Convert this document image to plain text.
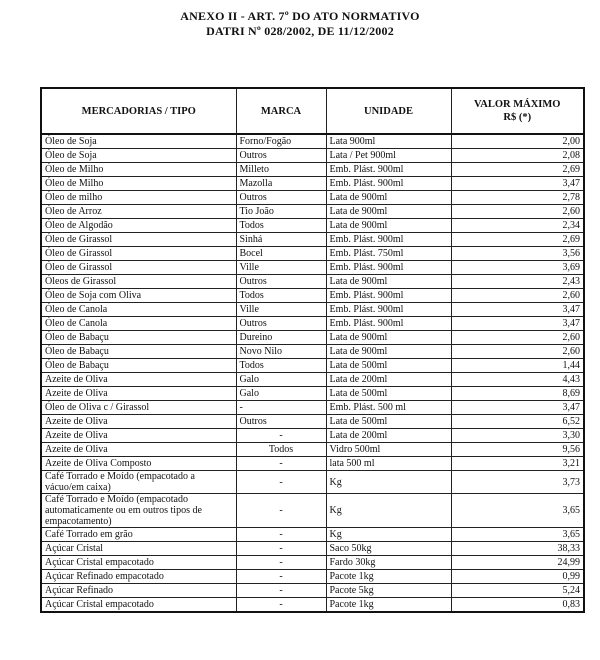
ANEXO II - ART. 7º DO ATO NORMATIVO
DATRI Nº 028/2002, DE 11/12/2002
MERCADORIAS / TIPO	MARCA	UNIDADE	VALOR MÁXIMO
R$ (*)
Óleo de Soja	Forno/Fogão	Lata 900ml	2,00
Óleo de Soja	Outros	Lata / Pet 900ml	2,08
Óleo de Milho	Milleto	Emb. Plást. 900ml	2,69
Óleo de Milho	Mazolla	Emb. Plást. 900ml	3,47
Óleo de milho	Outros	Lata de 900ml	2,78
Óleo de Arroz	Tio João	Lata de 900ml	2,60
Óleo de Algodão	Todos	Lata de 900ml	2,34
Óleo de Girassol	Sinhá	Emb. Plást. 900ml	2,69
Óleo de Girassol	Bocel	Emb. Plást. 750ml	3,56
Óleo de Girassol	Ville	Emb. Plást. 900ml	3,69
Óleos de Girassol	Outros	Lata de 900ml	2,43
Óleo de Soja com Oliva	Todos	Emb. Plást. 900ml	2,60
Óleo de Canola	Ville	Emb. Plást. 900ml	3,47
Óleo de Canola	Outros	Emb. Plást. 900ml	3,47
Óleo de Babaçu	Dureino	Lata de 900ml	2,60
Óleo de Babaçu	Novo Nilo	Lata de 900ml	2,60
Óleo de Babaçu	Todos	Lata de 500ml	1,44
Azeite de Oliva	Galo	Lata de 200ml	4,43
Azeite de Oliva	Galo	Lata de 500ml	8,69
Óleo de Oliva c / Girassol	-	Emb. Plást. 500 ml	3,47
Azeite de Oliva	Outros	Lata de 500ml	6,52
Azeite de Oliva	-	Lata de 200ml	3,30
Azeite de Oliva	Todos	Vidro 500ml	9,56
Azeite de Oliva Composto	-	lata 500 ml	3,21
Café Torrado e Moído (empacotado a vácuo/em caixa)	-	Kg	3,73
Café Torrado e Moído (empacotado automaticamente ou em outros tipos de empacotamento)	-	Kg	3,65
Café Torrado em grão	-	Kg	3,65
Açúcar Cristal	-	Saco 50kg	38,33
Açúcar Cristal empacotado	-	Fardo 30kg	24,99
Açúcar Refinado empacotado	-	Pacote 1kg	0,99
Açúcar Refinado	-	Pacote 5kg	5,24
Açúcar Cristal empacotado	-	Pacote 1kg	0,83
